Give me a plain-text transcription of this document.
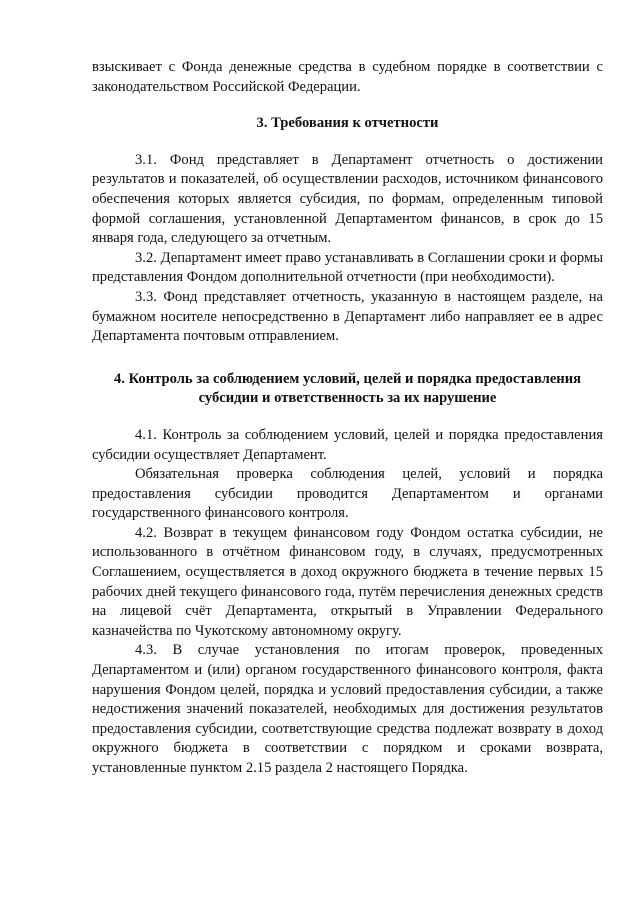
взыскивает с Фонда денежные средства в судебном порядке в соответствии с законодательством Российской Федерации.

3. Требования к отчетности

3.1. Фонд представляет в Департамент отчетность о достижении результатов и показателей, об осуществлении расходов, источником финансового обеспечения которых является субсидия, по формам, определенным типовой формой соглашения, установленной Департаментом финансов, в срок до 15 января года, следующего за отчетным.

3.2. Департамент имеет право устанавливать в Соглашении сроки и формы представления Фондом дополнительной отчетности (при необходимости).

3.3. Фонд представляет отчетность, указанную в настоящем разделе, на бумажном носителе непосредственно в Департамент либо направляет ее в адрес Департамента почтовым отправлением.

4. Контроль за соблюдением условий, целей и порядка предоставления

субсидии и ответственность за их нарушение

4.1. Контроль за соблюдением условий, целей и порядка предоставления субсидии осуществляет Департамент.

Обязательная проверка соблюдения целей, условий и порядка предоставления субсидии проводится Департаментом и органами государственного финансового контроля.

4.2. Возврат в текущем финансовом году Фондом остатка субсидии, не использованного в отчётном финансовом году, в случаях, предусмотренных Соглашением, осуществляется в доход окружного бюджета в течение первых 15 рабочих дней текущего финансового года, путём перечисления денежных средств на лицевой счёт Департамента, открытый в Управлении Федерального казначейства по Чукотскому автономному округу.

4.3. В случае установления по итогам проверок, проведенных Департаментом и (или) органом государственного финансового контроля, факта нарушения Фондом целей, порядка и условий предоставления субсидии, а также недостижения значений показателей, необходимых для достижения результатов предоставления субсидии, соответствующие средства подлежат возврату в доход окружного бюджета в соответствии с порядком и сроками возврата, установленные пунктом 2.15 раздела 2 настоящего Порядка.
